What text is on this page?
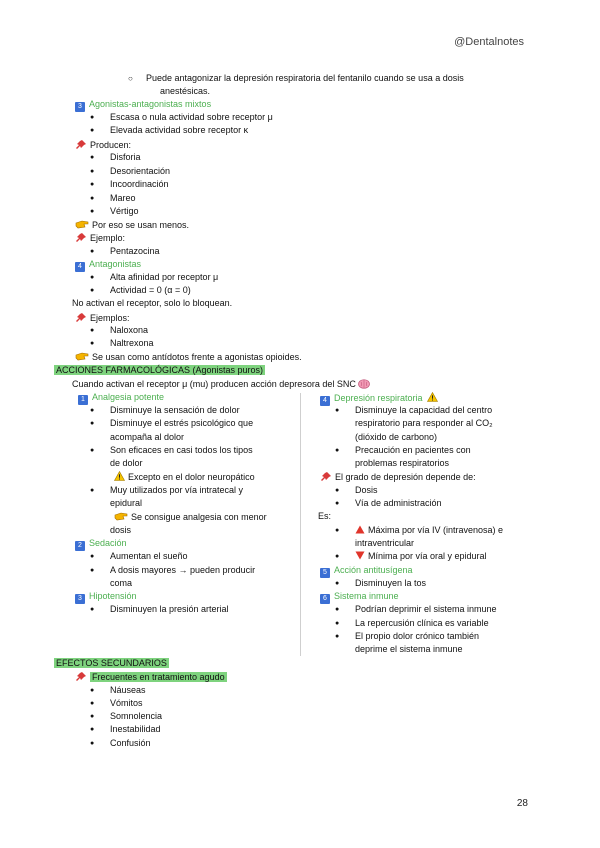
@Dentalnotes
○ Puede antagonizar la depresión respiratoria del fentanilo cuando se usa a dosis
anestésicas.
3 Agonistas-antagonistas mixtos
● Escasa o nula actividad sobre receptor μ
● Elevada actividad sobre receptor κ
Producen:
● Disforia
● Desorientación
● Incoordinación
● Mareo
● Vértigo
Por eso se usan menos.
Ejemplo:
● Pentazocina
4 Antagonistas
● Alta afinidad por receptor μ
● Actividad = 0 (α = 0)
No activan el receptor, solo lo bloquean.
Ejemplos:
● Naloxona
● Naltrexona
Se usan como antídotos frente a agonistas opioides.
ACCIONES FARMACOLÓGICAS (Agonistas puros)
Cuando activan el receptor μ (mu) producen acción depresora del SNC
1 Analgesia potente
● Disminuye la sensación de dolor
● Disminuye el estrés psicológico que
acompaña al dolor
● Son eficaces en casi todos los tipos
de dolor
Excepto en el dolor neuropático
● Muy utilizados por vía intratecal y
epidural
Se consigue analgesia con menor
dosis
2 Sedación
● Aumentan el sueño
● A dosis mayores → pueden producir
coma
3 Hipotensión
● Disminuyen la presión arterial
4 Depresión respiratoria
● Disminuye la capacidad del centro
respiratorio para responder al CO₂
(dióxido de carbono)
● Precaución en pacientes con
problemas respiratorios
El grado de depresión depende de:
● Dosis
● Vía de administración
Es:
● Máxima por vía IV (intravenosa) e
intraventricular
● Mínima por vía oral y epidural
5 Acción antitusígena
● Disminuyen la tos
6 Sistema inmune
● Podrían deprimir el sistema inmune
● La repercusión clínica es variable
● El propio dolor crónico también
deprime el sistema inmune
EFECTOS SECUNDARIOS
Frecuentes en tratamiento agudo
● Náuseas
● Vómitos
● Somnolencia
● Inestabilidad
● Confusión
28
